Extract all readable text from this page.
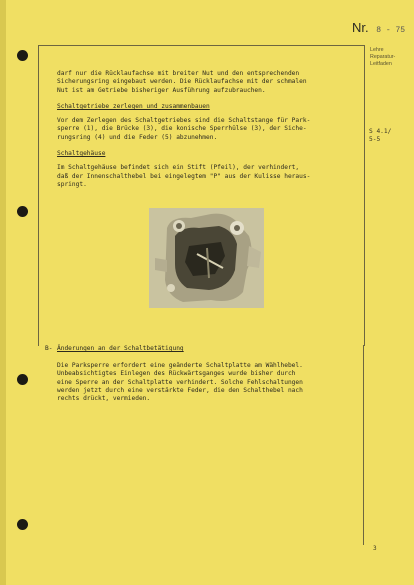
Nr. 8 - 75
Lehre
Reparatur-
Leitfaden

darf nur die Rücklaufachse mit breiter Nut und den entsprechenden
Sicherungsring eingebaut werden. Die Rücklaufachse mit der schmalen
Nut ist am Getriebe bisheriger Ausführung aufzubrauchen.

Schaltgetriebe zerlegen und zusammenbauen

Vor dem Zerlegen des Schaltgetriebes sind die Schaltstange für Park-
sperre (1), die Brücke (3), die konische Sperrhülse (3), der Siche-
rungsring (4) und die Feder (5) abzunehmen.

Schaltgehäuse

Im Schaltgehäuse befindet sich ein Stift (Pfeil), der verhindert,
daß der Innenschalthebel bei eingelegtem "P" aus der Kulisse heraus-
springt.

S 4.1/
5-5
B- Änderungen an der Schaltbetätigung
Die Parksperre erfordert eine geänderte Schaltplatte am Wählhebel.
Unbeabsichtigtes Einlegen des Rückwärtsganges wurde bisher durch
eine Sperre an der Schaltplatte verhindert. Solche Fehlschaltungen
werden jetzt durch eine verstärkte Feder, die den Schalthebel nach
rechts drückt, vermieden.
3
